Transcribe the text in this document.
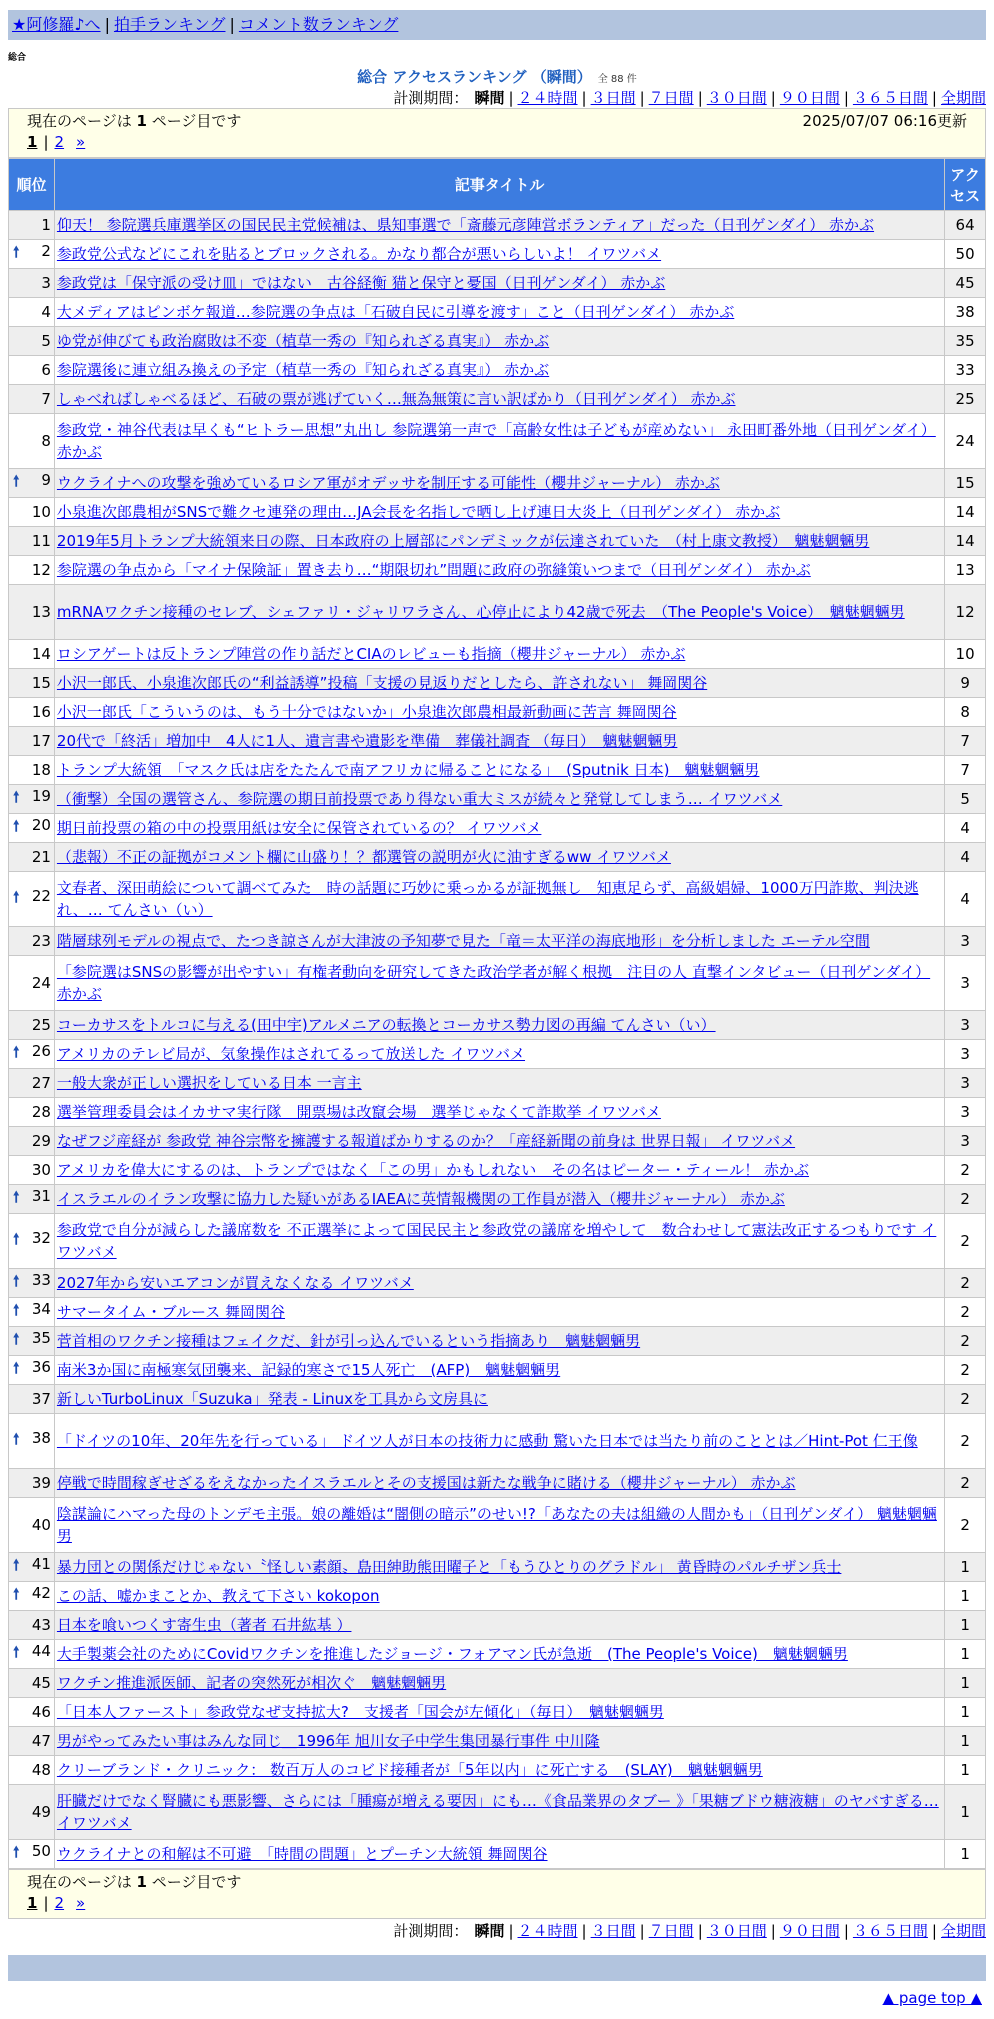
★阿修羅♪へ | 拍手ランキング | コメント数ランキング
総合
総合 アクセスランキング （瞬間） 全 88 件
計測期間： 瞬間 | ２４時間 | ３日間 | ７日間 | ３０日間 | ９０日間 | ３６５日間 | 全期間
現在のページは 1 ページ目です	2025/07/07 06:16更新
1 | 2 »
順位	記事タイトル	アクセス
1	仰天！ 参院選兵庫選挙区の国民民主党候補は、県知事選で「斎藤元彦陣営ボランティア」だった（日刊ゲンダイ） 赤かぶ	64

🠕 2	参政党公式などにこれを貼るとブロックされる。かなり都合が悪いらしいよ！ イワツバメ	50
3	参政党は「保守派の受け皿」ではない　古谷経衡 猫と保守と憂国（日刊ゲンダイ） 赤かぶ	45
4	大メディアはピンボケ報道…参院選の争点は「石破自民に引導を渡す」こと（日刊ゲンダイ） 赤かぶ	38
5	ゆ党が伸びても政治腐敗は不変（植草一秀の『知られざる真実』） 赤かぶ	35
6	参院選後に連立組み換えの予定（植草一秀の『知られざる真実』） 赤かぶ	33
7	しゃべればしゃべるほど、石破の票が逃げていく…無為無策に言い訳ばかり（日刊ゲンダイ） 赤かぶ	25
8	参政党・神谷代表は早くも“ヒトラー思想”丸出し 参院選第一声で「高齢女性は子どもが産めない」 永田町番外地（日刊ゲンダイ） 赤かぶ	24

🠕 9	ウクライナへの攻撃を強めているロシア軍がオデッサを制圧する可能性（櫻井ジャーナル） 赤かぶ	15
10	小泉進次郎農相がSNSで難クセ連発の理由…JA会長を名指しで晒し上げ連日大炎上（日刊ゲンダイ） 赤かぶ	14
11	2019年5月トランプ大統領来日の際、日本政府の上層部にパンデミックが伝達されていた　（村上康文教授）　魑魅魍魎男	14
12	参院選の争点から「マイナ保険証」置き去り…“期限切れ”問題に政府の弥縫策いつまで（日刊ゲンダイ） 赤かぶ	13
13	mRNAワクチン接種のセレブ、シェファリ・ジャリワラさん、心停止により42歳で死去　（The People's Voice）　魑魅魍魎男	12
14	ロシアゲートは反トランプ陣営の作り話だとCIAのレビューも指摘（櫻井ジャーナル） 赤かぶ	10
15	小沢一郎氏、小泉進次郎氏の“利益誘導”投稿「支援の見返りだとしたら、許されない」 舞岡関谷	9
16	小沢一郎氏「こういうのは、もう十分ではないか」小泉進次郎農相最新動画に苦言 舞岡関谷	8
17	20代で「終活」増加中　4人に1人、遺言書や遺影を準備　葬儀社調査 （毎日）　魑魅魍魎男	7
18	トランプ大統領　「マスク氏は店をたたんで南アフリカに帰ることになる」　(Sputnik 日本)　魑魅魍魎男	7

🠕 19	（衝撃）全国の選管さん、参院選の期日前投票であり得ない重大ミスが続々と発覚してしまう… イワツバメ	5

🠕 20	期日前投票の箱の中の投票用紙は安全に保管されているの？ イワツバメ	4
21	（悲報）不正の証拠がコメント欄に山盛り！？都選管の説明が火に油すぎるww イワツバメ	4

🠕 22	文春者、深田萌絵について調べてみた　時の話題に巧妙に乗っかるが証拠無し　知恵足らず、高級娼婦、1000万円詐欺、判決逃れ、… てんさい（い）	4
23	階層球列モデルの視点で、たつき諒さんが大津波の予知夢で見た「竜＝太平洋の海底地形」を分析しました エーテル空間	3
24	「参院選はSNSの影響が出やすい」有権者動向を研究してきた政治学者が解く根拠　注目の人 直撃インタビュー（日刊ゲンダイ） 赤かぶ	3
25	コーカサスをトルコに与える(田中宇)アルメニアの転換とコーカサス勢力図の再編 てんさい（い）	3

🠕 26	アメリカのテレビ局が、気象操作はされてるって放送した イワツバメ	3
27	一般大衆が正しい選択をしている日本 一言主	3
28	選挙管理委員会はイカサマ実行隊　開票場は改竄会場　選挙じゃなくて詐欺挙 イワツバメ	3
29	なぜフジ産経が 参政党 神谷宗幣を擁護する報道ばかりするのか？「産経新聞の前身は 世界日報」 イワツバメ	3
30	アメリカを偉大にするのは、トランプではなく「この男」かもしれない　その名はピーター・ティール！ 赤かぶ	2

🠕 31	イスラエルのイラン攻撃に協力した疑いがあるIAEAに英情報機関の工作員が潜入（櫻井ジャーナル） 赤かぶ	2

🠕 32	参政党で自分が減らした議席数を 不正選挙によって国民民主と参政党の議席を増やして　数合わせして憲法改正するつもりです イワツバメ	2

🠕 33	2027年から安いエアコンが買えなくなる イワツバメ	2

🠕 34	サマータイム・ブルース 舞岡関谷	2

🠕 35	菅首相のワクチン接種はフェイクだ、針が引っ込んでいるという指摘あり　魑魅魍魎男	2

🠕 36	南米3か国に南極寒気団襲来、記録的寒さで15人死亡　(AFP)　魑魅魍魎男	2
37	新しいTurboLinux「Suzuka」発表 - Linuxを工具から文房具に	2

🠕 38	「ドイツの10年、20年先を行っている」 ドイツ人が日本の技術力に感動 驚いた日本では当たり前のこととは／Hint-Pot 仁王像	2
39	停戦で時間稼ぎせざるをえなかったイスラエルとその支援国は新たな戦争に賭ける（櫻井ジャーナル） 赤かぶ	2
40	陰謀論にハマった母のトンデモ主張。娘の離婚は“闇側の暗示”のせい!?「あなたの夫は組織の人間かも」（日刊ゲンダイ） 魑魅魍魎男	2

🠕 41	暴力団との関係だけじゃない〝怪しい素顔〟島田紳助熊田曜子と「もうひとりのグラドル」 黄昏時のパルチザン兵士	1

🠕 42	この話、嘘かまことか、教えて下さい kokopon	1
43	日本を喰いつくす寄生虫（著者 石井紘基 ）	1

🠕 44	大手製薬会社のためにCovidワクチンを推進したジョージ・フォアマン氏が急逝　(The People's Voice)　魑魅魍魎男	1
45	ワクチン推進派医師、記者の突然死が相次ぐ　魑魅魍魎男	1
46	「日本人ファースト」参政党なぜ支持拡大?　支援者「国会が左傾化」（毎日）　魑魅魍魎男	1
47	男がやってみたい事はみんな同じ＿1996年 旭川女子中学生集団暴行事件 中川隆	1
48	クリーブランド・クリニック： 数百万人のコビド接種者が「5年以内」に死亡する　(SLAY)　魑魅魍魎男	1
49	肝臓だけでなく腎臓にも悪影響、さらには「腫瘍が増える要因」にも…《食品業界のタブー 》「果糖ブドウ糖液糖」のヤバすぎる… イワツバメ	1

🠕 50	ウクライナとの和解は不可避　「時間の問題」とプーチン大統領 舞岡関谷	1
現在のページは 1 ページ目です
1 | 2 »
計測期間： 瞬間 | ２４時間 | ３日間 | ７日間 | ３０日間 | ９０日間 | ３６５日間 | 全期間
▲ page top ▲
